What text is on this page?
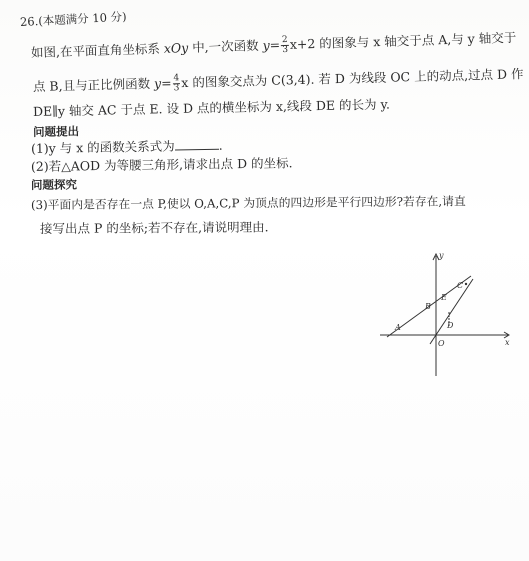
26.(本题满分 10 分)
如图,在平面直角坐标系 xOy 中,一次函数 $y= \frac{2}{3} x+2$ 的图象与 x 轴交于点 A,与 y 轴交于
点 B,且与正比例函数 $y= \frac{4}{3}$ x 的图象交点为 C(3,4). 若 D 为线段 OC 上的动点,过点 D 作
DE∥y 轴交 AC 于点 E. 设 D 点的横坐标为 x,线段 DE 的长为 y.
问题提出
(1)y 与 x 的函数关系式为	.
(2)若△AOD 为等腰三角形,请求出点 D 的坐标.
问题探究
(3)平面内是否存在一点 P,使以 O,A,C,P 为顶点的四边形是平行四边形?若存在,请直
接写出点 P 的坐标;若不存在,请说明理由.
y
x
O
A
B
C
D
E
